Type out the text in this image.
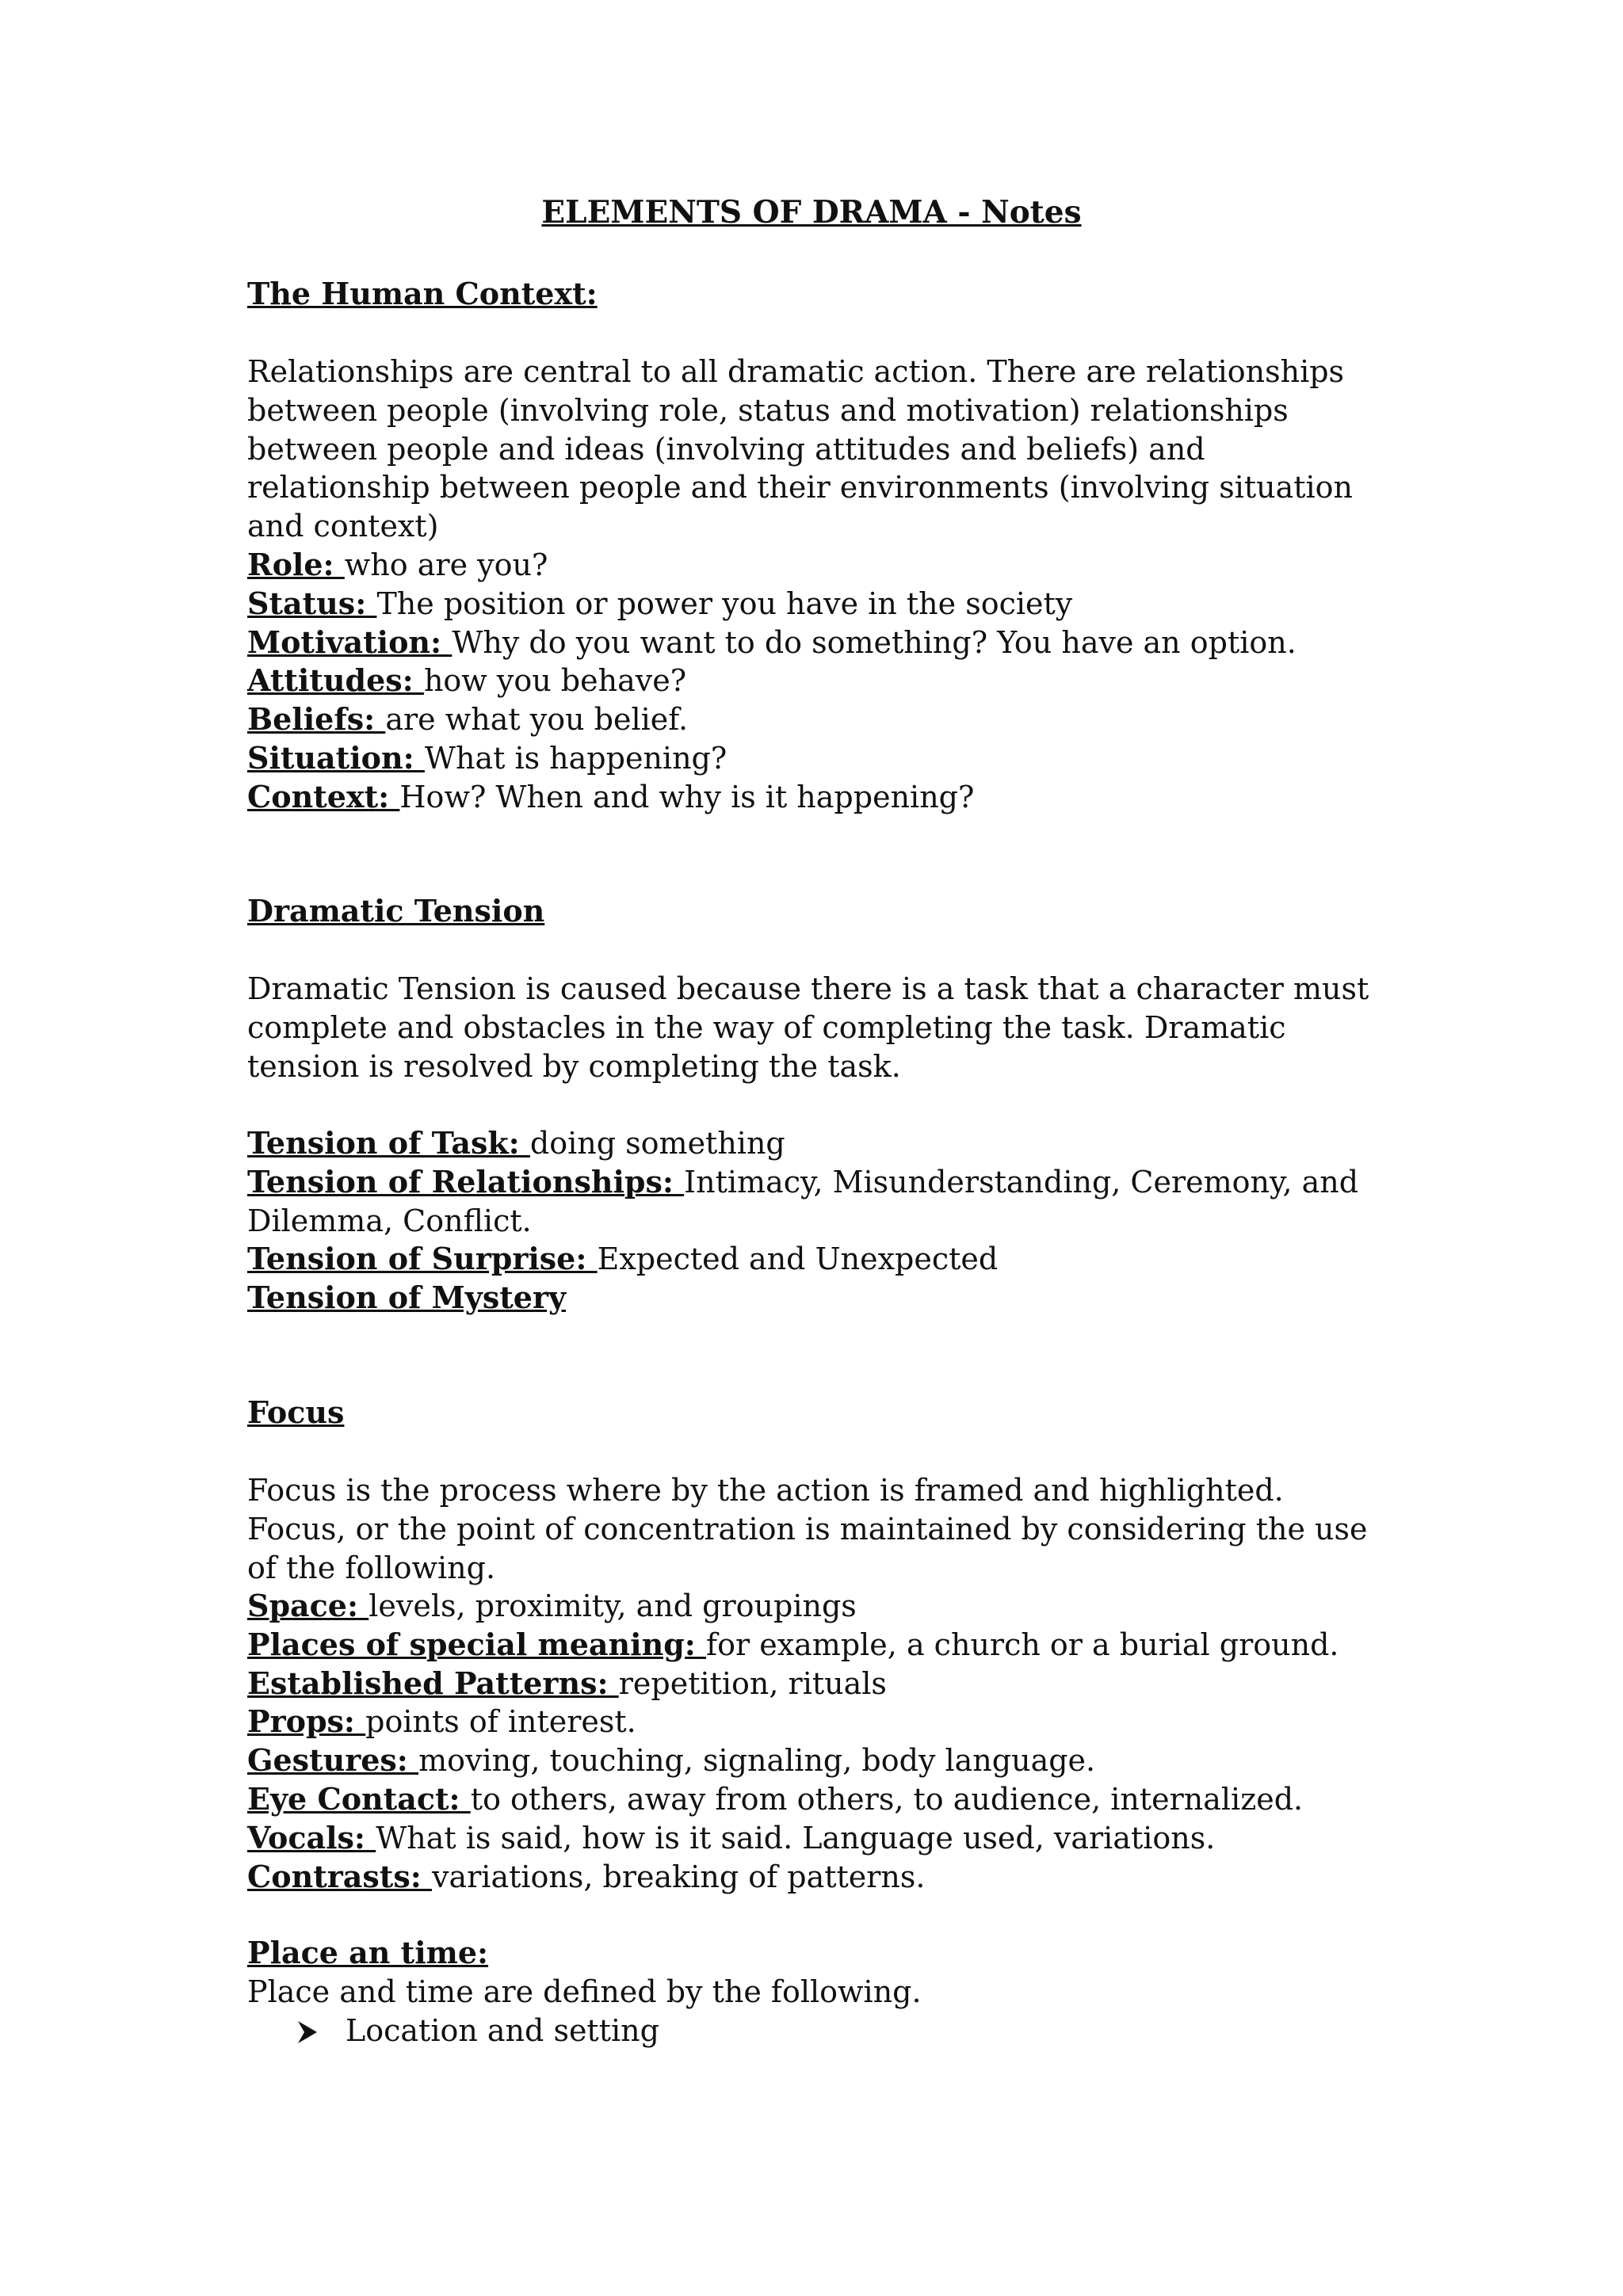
ELEMENTS OF DRAMA - Notes

The Human Context:

Relationships are central to all dramatic action. There are relationships between people (involving role, status and motivation) relationships between people and ideas (involving attitudes and beliefs) and relationship between people and their environments (involving situation and context)

Role: who are you?

Status: The position or power you have in the society

Motivation: Why do you want to do something? You have an option.

Attitudes: how you behave?

Beliefs: are what you belief.

Situation: What is happening?

Context: How? When and why is it happening?

Dramatic Tension

Dramatic Tension is caused because there is a task that a character must complete and obstacles in the way of completing the task. Dramatic tension is resolved by completing the task.

Tension of Task: doing something

Tension of Relationships: Intimacy, Misunderstanding, Ceremony, and Dilemma, Conflict.

Tension of Surprise: Expected and Unexpected

Tension of Mystery

Focus

Focus is the process where by the action is framed and highlighted. Focus, or the point of concentration is maintained by considering the use of the following.

Space: levels, proximity, and groupings

Places of special meaning: for example, a church or a burial ground.

Established Patterns: repetition, rituals

Props: points of interest.

Gestures: moving, touching, signaling, body language.

Eye Contact: to others, away from others, to audience, internalized.

Vocals: What is said, how is it said. Language used, variations.

Contrasts: variations, breaking of patterns.

Place an time:

Place and time are defined by the following.

Location and setting
